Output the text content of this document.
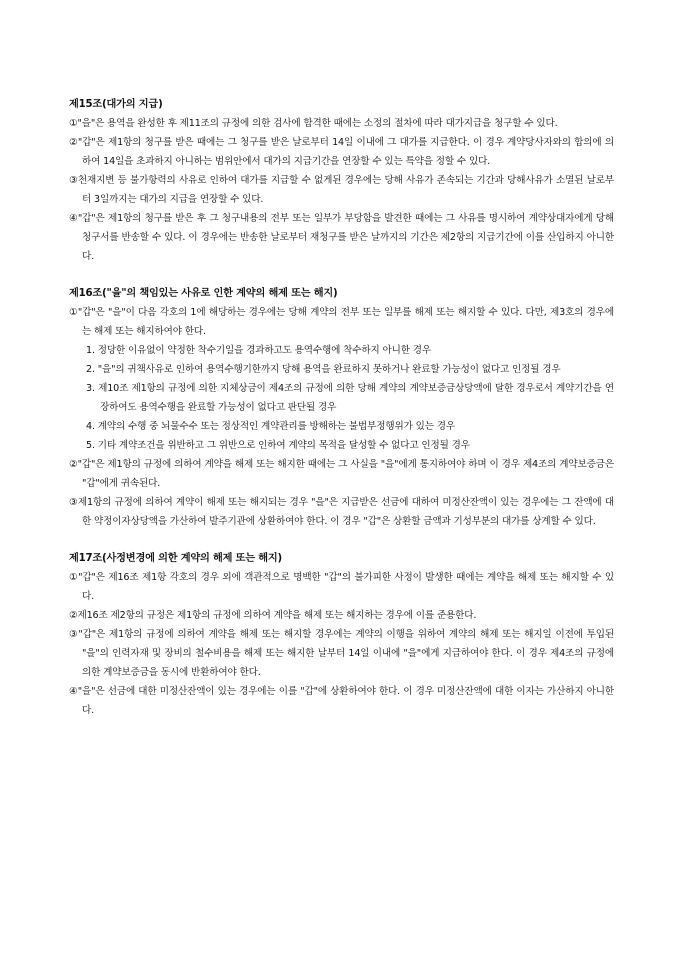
제15조(대가의 지급)

①"을"은 용역을 완성한 후 제11조의 규정에 의한 검사에 합격한 때에는 소정의 절차에 따라 대가지급을 청구할 수 있다.

②"갑"은 제1항의 청구를 받은 때에는 그 청구를 받은 날로부터 14일 이내에 그 대가를 지급한다. 이 경우 계약당사자와의 합의에 의하여 14일을 초과하지 아니하는 범위안에서 대가의 지급기간을 연장할 수 있는 특약을 정할 수 있다.

③천재지변 등 불가항력의 사유로 인하여 대가를 지급할 수 없게된 경우에는 당해 사유가 존속되는 기간과 당해사유가 소멸된 날로부터 3일까지는 대가의 지급을 연장할 수 있다.

④"갑"은 제1항의 청구를 받은 후 그 청구내용의 전부 또는 일부가 부당함을 발견한 때에는 그 사유를 명시하여 계약상대자에게 당해 청구서를 반송할 수 있다. 이 경우에는 반송한 날로부터 재청구를 받은 날까지의 기간은 제2항의 지급기간에 이를 산입하지 아니한다.

제16조("을"의 책임있는 사유로 인한 계약의 해제 또는 해지)

①"갑"은 "을"이 다음 각호의 1에 해당하는 경우에는 당해 계약의 전부 또는 일부를 해제 또는 해지할 수 있다. 다만, 제3호의 경우에는 해제 또는 해지하여야 한다.

1. 정당한 이유없이 약정한 착수기일을 경과하고도 용역수행에 착수하지 아니한 경우

2. "을"의 귀책사유로 인하여 용역수행기한까지 당해 용역을 완료하지 못하거나 완료할 가능성이 없다고 인정될 경우

3. 제10조 제1항의 규정에 의한 지체상금이 제4조의 규정에 의한 당해 계약의 계약보증금상당액에 달한 경우로서 계약기간을 연장하여도 용역수행을 완료할 가능성이 없다고 판단될 경우

4. 계약의 수행 중 뇌물수수 또는 정상적인 계약관리를 방해하는 불법부정행위가 있는 경우

5. 기타 계약조건을 위반하고 그 위반으로 인하여 계약의 목적을 달성할 수 없다고 인정될 경우

②"갑"은 제1항의 규정에 의하여 계약을 해제 또는 해지한 때에는 그 사실을 "을"에게 통지하여야 하며 이 경우 제4조의 계약보증금은 "갑"에게 귀속된다.

③제1항의 규정에 의하여 계약이 해제 또는 해지되는 경우 "을"은 지급받은 선금에 대하여 미정산잔액이 있는 경우에는 그 잔액에 대한 약정이자상당액을 가산하여 발주기관에 상환하여야 한다. 이 경우 "갑"은 상환할 금액과 기성부분의 대가를 상계할 수 있다.

제17조(사정변경에 의한 계약의 해제 또는 해지)

①"갑"은 제16조 제1항 각호의 경우 외에 객관적으로 명백한 "갑"의 불가피한 사정이 발생한 때에는 계약을 해제 또는 해지할 수 있다.

②제16조 제2항의 규정은 제1항의 규정에 의하여 계약을 해제 또는 해지하는 경우에 이를 준용한다.

③"갑"은 제1항의 규정에 의하여 계약을 해제 또는 해지할 경우에는 계약의 이행을 위하여 계약의 해제 또는 해지일 이전에 투입된 "을"의 인력자재 및 장비의 철수비용을 해제 또는 해지한 날부터 14일 이내에 "을"에게 지급하여야 한다. 이 경우 제4조의 규정에 의한 계약보증금을 동시에 반환하여야 한다.

④"을"은 선금에 대한 미정산잔액이 있는 경우에는 이를 "갑"에 상환하여야 한다. 이 경우 미정산잔액에 대한 이자는 가산하지 아니한다.
